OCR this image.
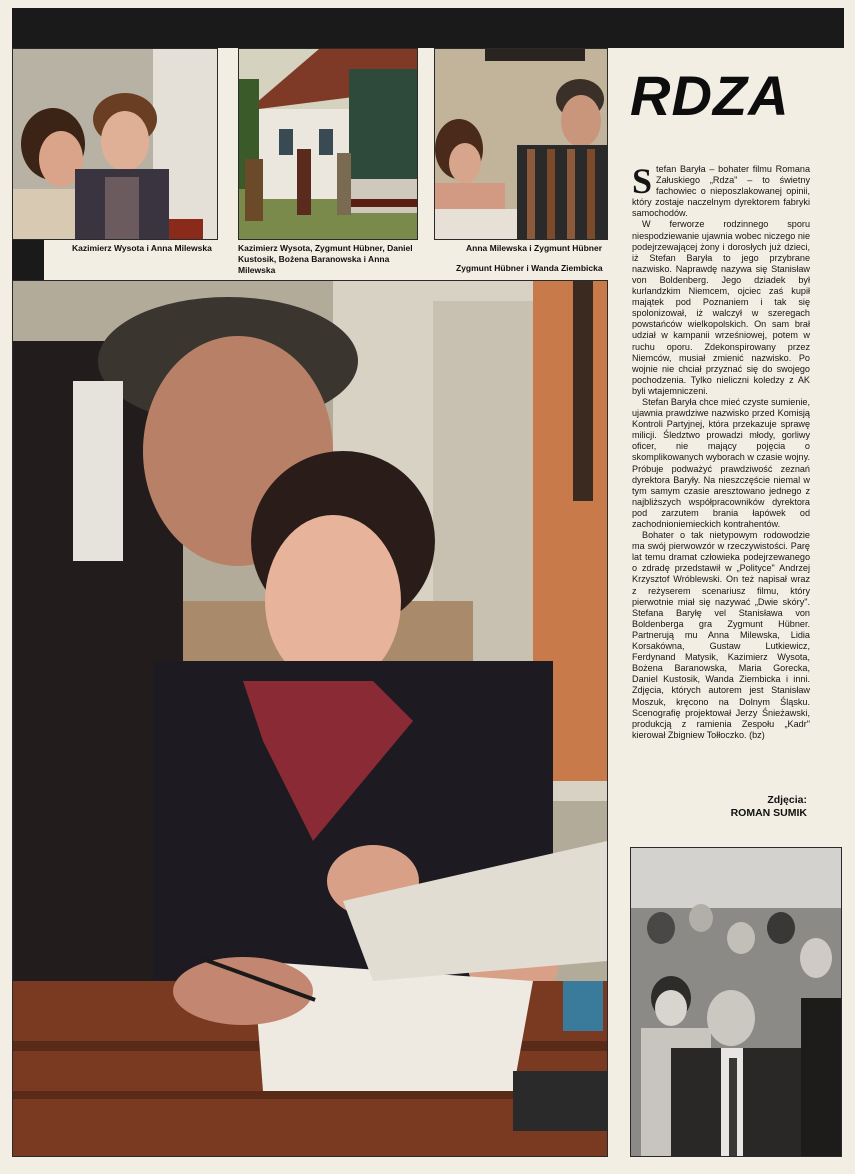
Kazimierz Wysota i Anna Milewska	Kazimierz Wysota, Zygmunt Hübner, Daniel Kustosik, Bożena Baranowska i Anna Milewska
Anna Milewska i Zygmunt Hübner
Zygmunt Hübner i Wanda Ziembicka
RDZA

Stefan Baryła – bohater filmu Romana Załuskiego „Rdza" – to świetny fachowiec o nieposzlakowanej opinii, który zostaje naczelnym dyrektorem fabryki samochodów.

W ferworze rodzinnego sporu niespodziewanie ujawnia wobec niczego nie podejrzewającej żony i dorosłych już dzieci, iż Stefan Baryła to jego przybrane nazwisko. Naprawdę nazywa się Stanisław von Boldenberg. Jego dziadek był kurlandzkim Niemcem, ojciec zaś kupił majątek pod Poznaniem i tak się spolonizował, iż walczył w szeregach powstańców wielkopolskich. On sam brał udział w kampanii wrześniowej, potem w ruchu oporu. Zdekonspirowany przez Niemców, musiał zmienić nazwisko. Po wojnie nie chciał przyznać się do swojego pochodzenia. Tylko nieliczni koledzy z AK byli wtajemniczeni.

Stefan Baryła chce mieć czyste sumienie, ujawnia prawdziwe nazwisko przed Komisją Kontroli Partyjnej, która przekazuje sprawę milicji. Śledztwo prowadzi młody, gorliwy oficer, nie mający pojęcia o skomplikowanych wyborach w czasie wojny. Próbuje podważyć prawdziwość zeznań dyrektora Baryły. Na nieszczęście niemal w tym samym czasie aresztowano jednego z najbliższych współpracowników dyrektora pod zarzutem brania łapówek od zachodnioniemieckich kontrahentów.

Bohater o tak nietypowym rodowodzie ma swój pierwowzór w rzeczywistości. Parę lat temu dramat człowieka podejrzewanego o zdradę przedstawił w „Polityce" Andrzej Krzysztof Wróblewski. On też napisał wraz z reżyserem scenariusz filmu, który pierwotnie miał się nazywać „Dwie skóry". Stefana Baryłę vel Stanisława von Boldenberga gra Zygmunt Hübner. Partnerują mu Anna Milewska, Lidia Korsakówna, Gustaw Lutkiewicz, Ferdynand Matysik, Kazimierz Wysota, Bożena Baranowska, Maria Gorecka, Daniel Kustosik, Wanda Ziembicka i inni. Zdjęcia, których autorem jest Stanisław Moszuk, kręcono na Dolnym Śląsku. Scenografię projektował Jerzy Śnieżawski, produkcją z ramienia Zespołu „Kadr" kierował Zbigniew Tołłoczko. (bz)

Zdjęcia:
ROMAN SUMIK
